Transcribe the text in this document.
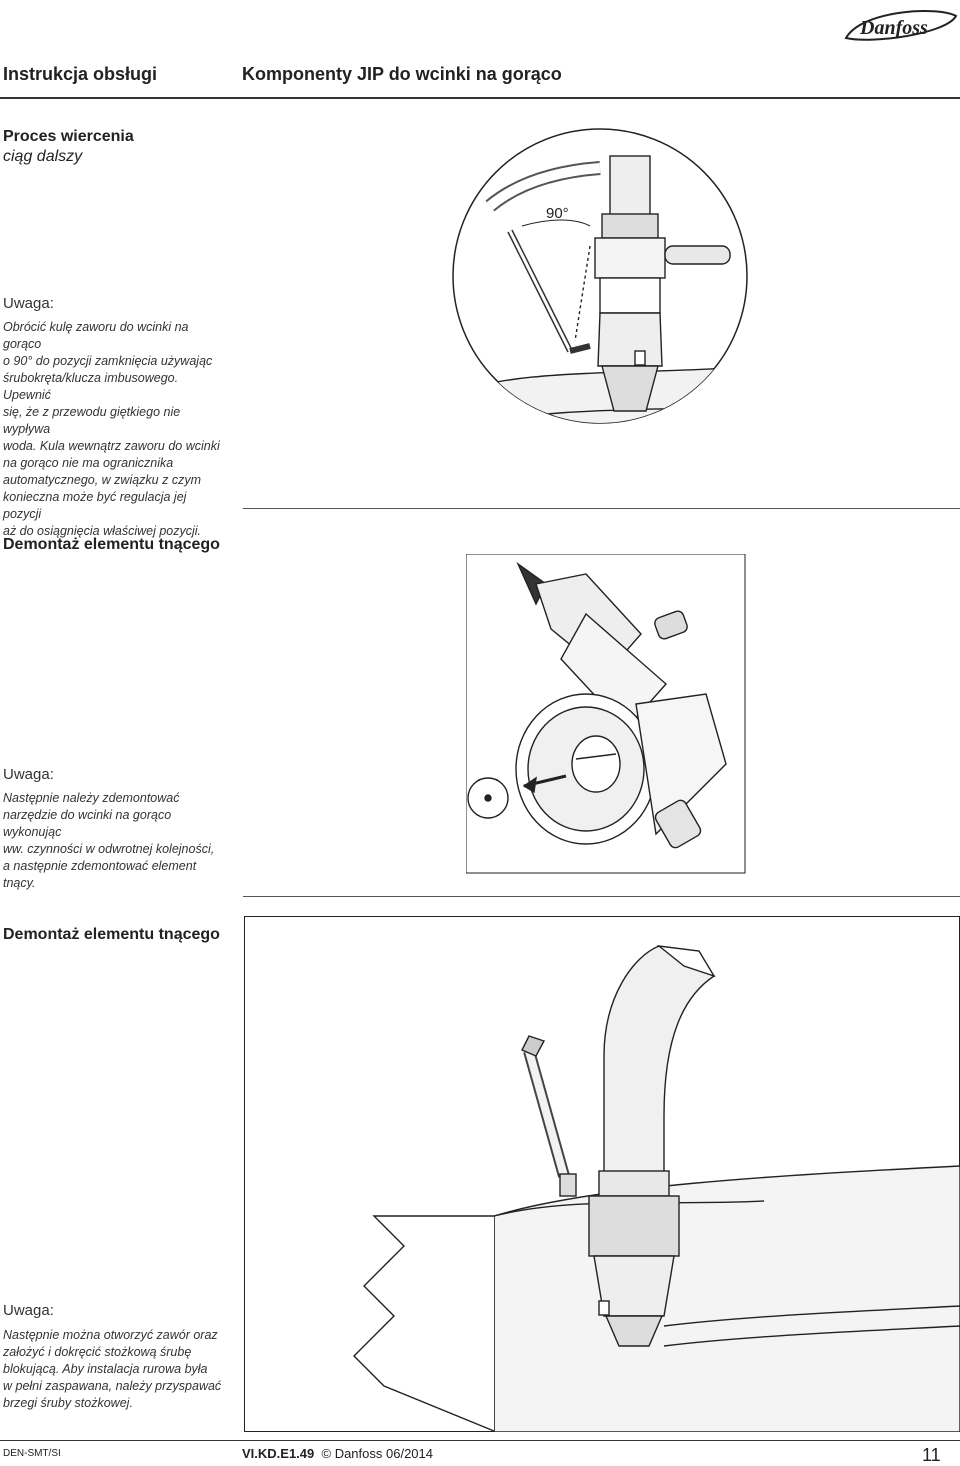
Danfoss
Instrukcja obsługi	Komponenty JIP do wcinki na gorąco
Proces wiercenia
ciąg dalszy
Uwaga:
Obrócić kulę zaworu do wcinki na gorąco
o 90° do pozycji zamknięcia używając
śrubokręta/klucza imbusowego. Upewnić
się, że z przewodu giętkiego nie wypływa
woda. Kula wewnątrz zaworu do wcinki
na gorąco nie ma ogranicznika
automatycznego, w związku z czym
konieczna może być regulacja jej pozycji
aż do osiągnięcia właściwej pozycji.
90°
Demontaż elementu tnącego
Uwaga:
Następnie należy zdemontować
narzędzie do wcinki na gorąco wykonując
ww. czynności w odwrotnej kolejności,
a następnie zdemontować element tnący.
Demontaż elementu tnącego
Uwaga:
Następnie można otworzyć zawór oraz
założyć i dokręcić stożkową śrubę
blokującą. Aby instalacja rurowa była
w pełni zaspawana, należy przyspawać
brzegi śruby stożkowej.
DEN-SMT/SI	VI.KD.E1.49 © Danfoss 06/2014	11
